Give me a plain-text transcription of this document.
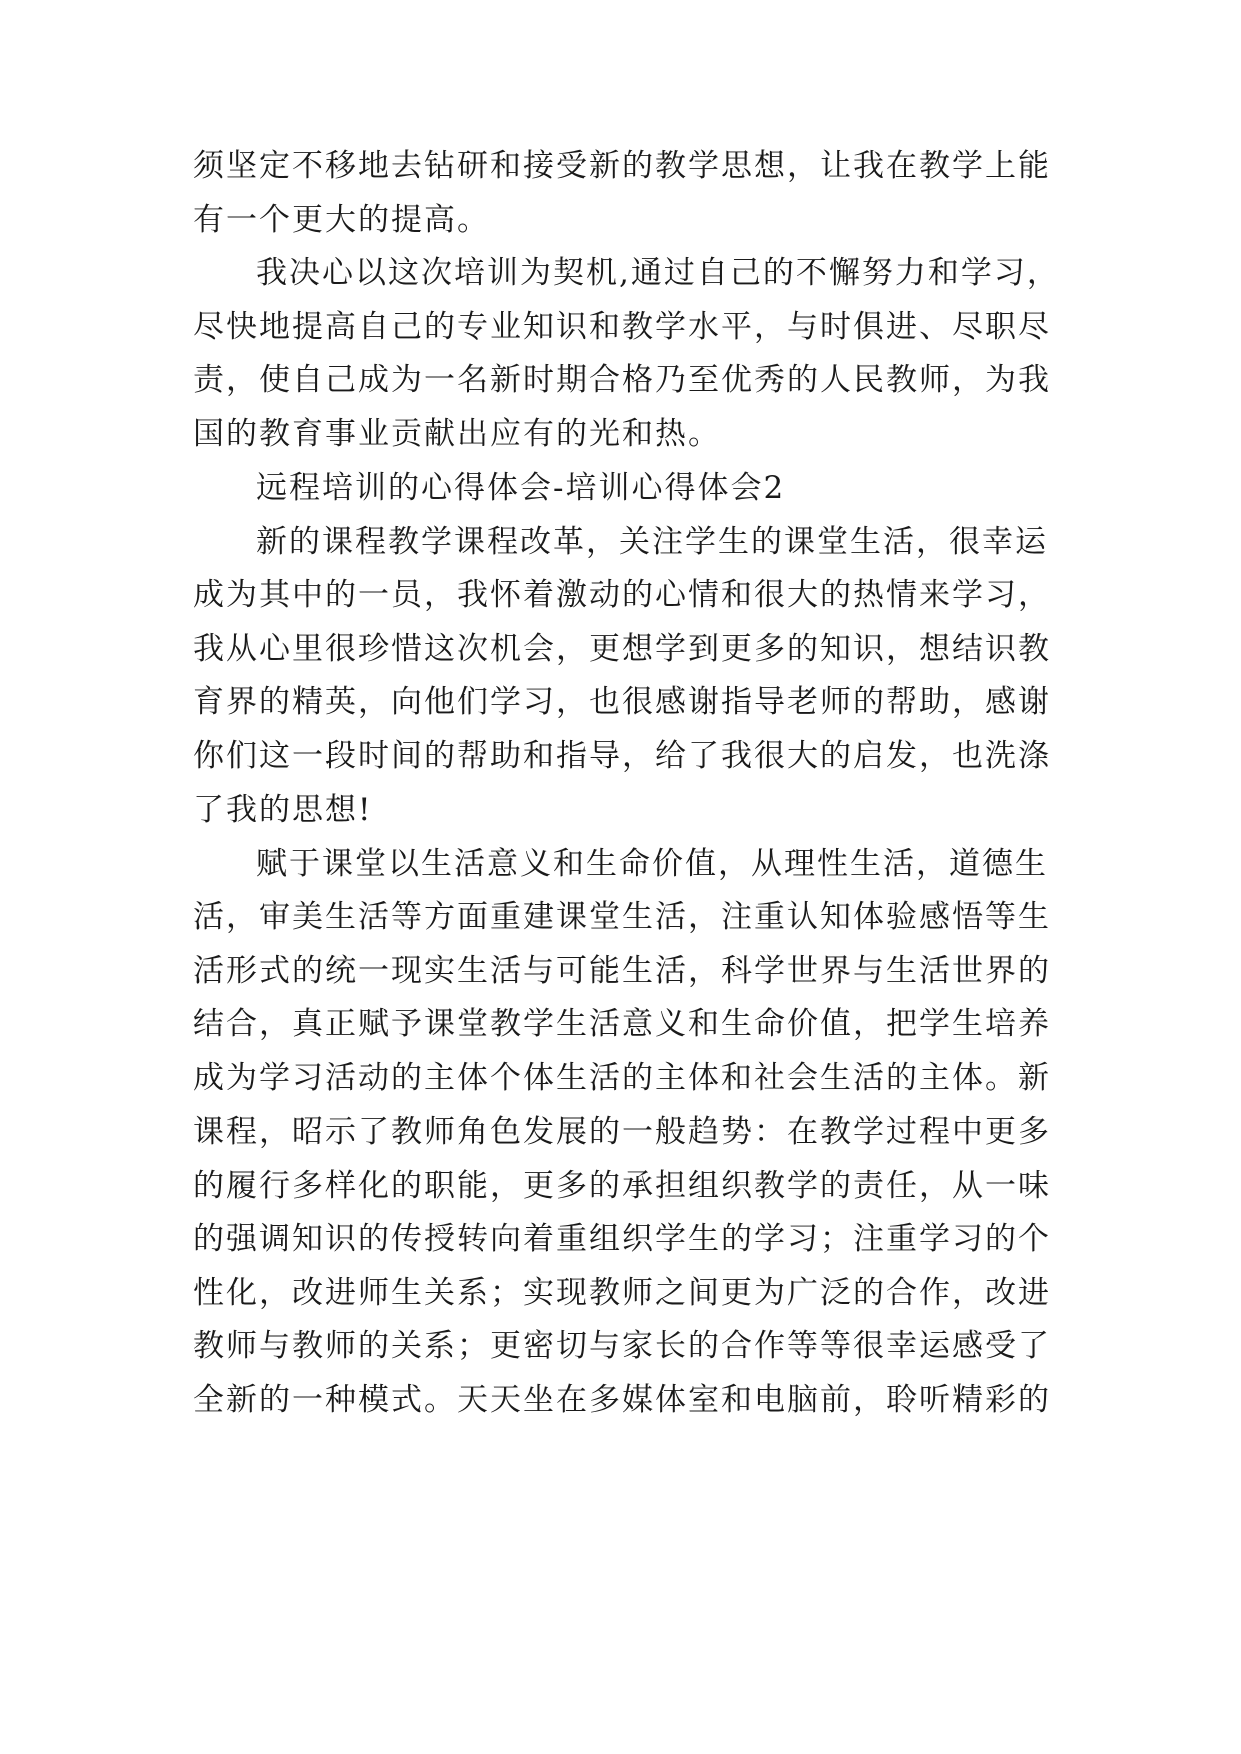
须坚定不移地去钻研和接受新的教学思想，让我在教学上能
有一个更大的提高。
我决心以这次培训为契机,通过自己的不懈努力和学习，
尽快地提高自己的专业知识和教学水平，与时俱进、尽职尽
责，使自己成为一名新时期合格乃至优秀的人民教师，为我
国的教育事业贡献出应有的光和热。
远程培训的心得体会-培训心得体会2
新的课程教学课程改革，关注学生的课堂生活，很幸运
成为其中的一员，我怀着激动的心情和很大的热情来学习，
我从心里很珍惜这次机会，更想学到更多的知识，想结识教
育界的精英，向他们学习，也很感谢指导老师的帮助，感谢
你们这一段时间的帮助和指导，给了我很大的启发，也洗涤
了我的思想!
赋于课堂以生活意义和生命价值，从理性生活，道德生
活，审美生活等方面重建课堂生活，注重认知体验感悟等生
活形式的统一现实生活与可能生活，科学世界与生活世界的
结合，真正赋予课堂教学生活意义和生命价值，把学生培养
成为学习活动的主体个体生活的主体和社会生活的主体。新
课程，昭示了教师角色发展的一般趋势：在教学过程中更多
的履行多样化的职能，更多的承担组织教学的责任，从一味
的强调知识的传授转向着重组织学生的学习；注重学习的个
性化，改进师生关系；实现教师之间更为广泛的合作，改进
教师与教师的关系；更密切与家长的合作等等很幸运感受了
全新的一种模式。天天坐在多媒体室和电脑前，聆听精彩的
